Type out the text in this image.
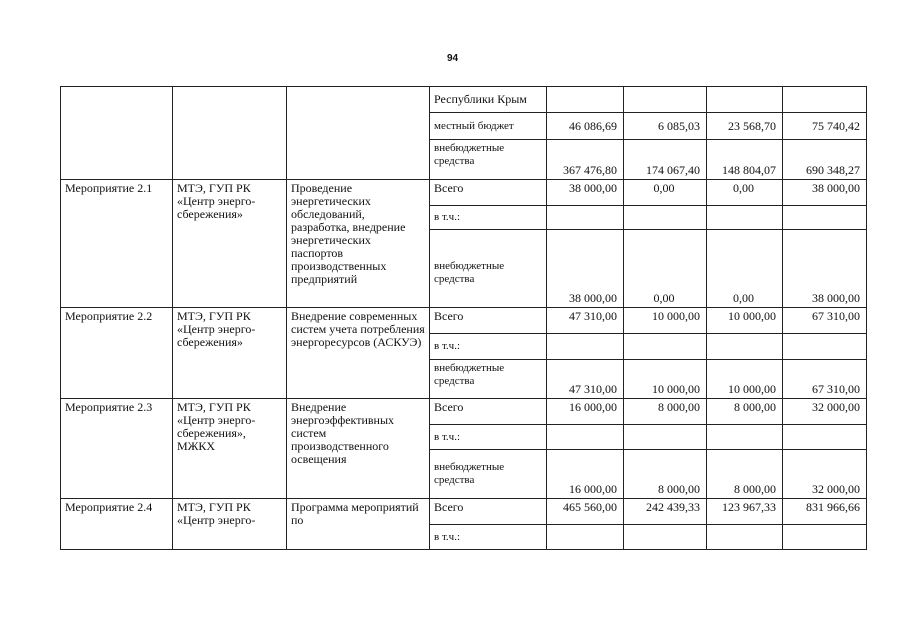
94
			Республики Крым				
			местный бюджет	46 086,69	6 085,03	23 568,70	75 740,42
			внебюджетные средства	367 476,80	174 067,40	148 804,07	690 348,27
Мероприятие 2.1	МТЭ, ГУП РК «Центр энерго-сбережения»	Проведение энергетических обследований, разработка, внедрение энергетических паспортов производственных предприятий	Всего	38 000,00	0,00	0,00	38 000,00
			в т.ч.:				
			внебюджетные средства	38 000,00	0,00	0,00	38 000,00
Мероприятие 2.2	МТЭ, ГУП РК «Центр энерго-сбережения»	Внедрение современных систем учета потребления энергоресурсов (АСКУЭ)	Всего	47 310,00	10 000,00	10 000,00	67 310,00
			в т.ч.:				
			внебюджетные средства	47 310,00	10 000,00	10 000,00	67 310,00
Мероприятие 2.3	МТЭ, ГУП РК «Центр энерго-сбережения», МЖКХ	Внедрение энергоэффективных систем производственного освещения	Всего	16 000,00	8 000,00	8 000,00	32 000,00
			в т.ч.:				
			внебюджетные средства	16 000,00	8 000,00	8 000,00	32 000,00
Мероприятие 2.4	МТЭ, ГУП РК «Центр энерго-	Программа мероприятий по	Всего	465 560,00	242 439,33	123 967,33	831 966,66
			в т.ч.:				
